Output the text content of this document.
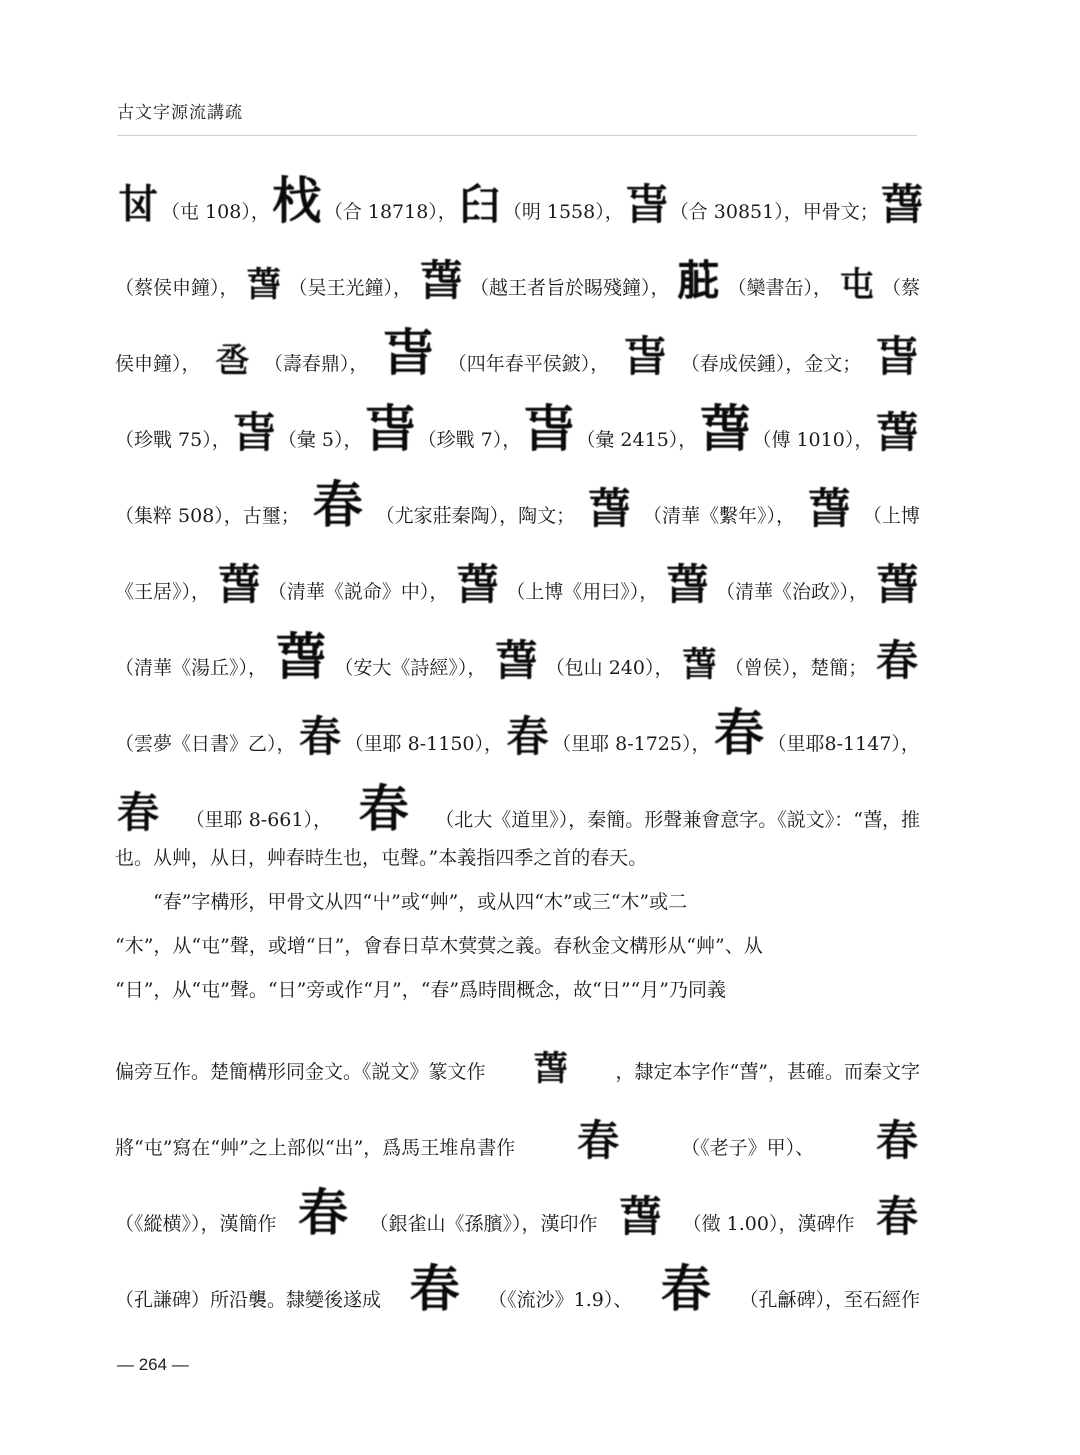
古文字源流講疏
𠀠 （屯 108）， 𣏾 （合 18718）， 𦥑 （明 1558）， 旾 （合 30851），甲骨文； 萅
（蔡侯申鐘）， 萅 （吴王光鐘）， 萅 （越王者旨於睗殘鐘）， 𦱔 （欒書缶）， 屯 （蔡
侯申鐘）， 𢀷 （壽春鼎）， 旾 （四年春平侯鈹）， 旾 （春成侯鍾），金文； 旾
（珍戰 75）， 旾 （彙 5）， 旾 （珍戰 7）， 旾 （彙 2415）， 萅 （傅 1010）， 萅
（集粹 508），古璽； 春 （尤家莊秦陶），陶文； 萅 （清華《繫年》）， 萅 （上博
《王居》）， 萅 （清華《説命》中）， 萅 （上博《用曰》）， 萅 （清華《治政》）， 萅
（清華《湯丘》）， 萅 （安大《詩經》）， 萅 （包山 240）， 萅 （曾侯），楚簡； 春
（雲夢《日書》乙）， 春 （里耶 8-1150）， 春 （里耶 8-1725）， 春 （里耶8-1147），
春 （里耶 8-661）， 春 （北大《道里》），秦簡。形聲兼會意字。《説文》：“萅，推
也。从艸，从日，艸春時生也，屯聲。”本義指四季之首的春天。
“春”字構形，甲骨文从四“屮”或“艸”，或从四“木”或三“木”或二
“木”，从“屯”聲，或增“日”，會春日草木蓂蓂之義。春秋金文構形从“艸”、从
“日”，从“屯”聲。“日”旁或作“月”，“春”爲時間概念，故“日”“月”乃同義
偏旁互作。楚簡構形同金文。《説文》篆文作 萅	，隸定本字作“萅”，甚確。而秦文字
將“屯”寫在“艸”之上部似“出”，爲馬王堆帛書作 春	（《老子》甲）、 春
（《縱横》），漢簡作 春 （銀雀山《孫臏》），漢印作 萅 （徵 1.00），漢碑作 春
（孔謙碑）所沿襲。隸變後遂成 春 （《流沙》1.9）、 春 （孔龢碑），至石經作
— 264 —
